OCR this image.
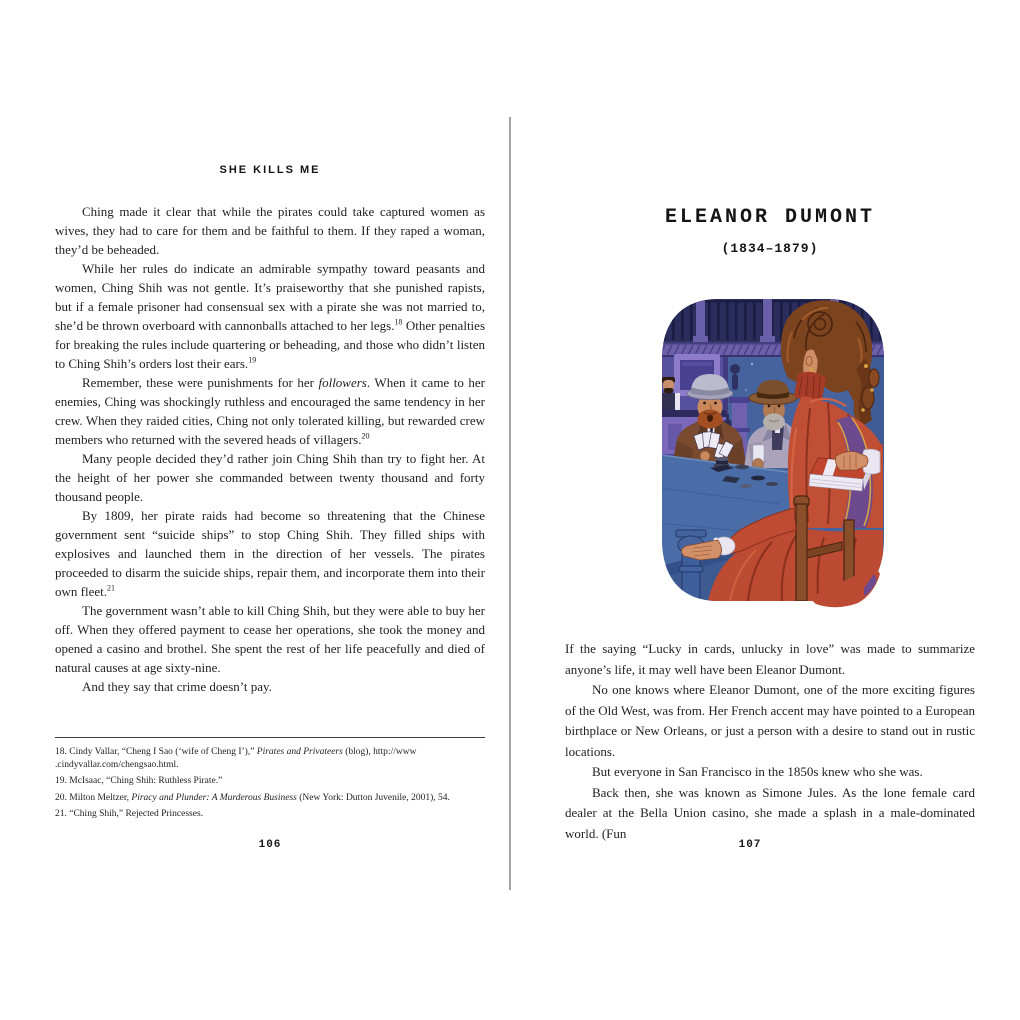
SHE KILLS ME

Ching made it clear that while the pirates could take captured women as wives, they had to care for them and be faithful to them. If they raped a woman, they’d be beheaded.

While her rules do indicate an admirable sympathy toward peasants and women, Ching Shih was not gentle. It’s praiseworthy that she punished rapists, but if a female prisoner had consensual sex with a pirate she was not married to, she’d be thrown overboard with cannonballs attached to her legs.$^{18}$ Other penalties for breaking the rules include quartering or beheading, and those who didn’t listen to Ching Shih’s orders lost their ears.$^{19}$

Remember, these were punishments for her followers. When it came to her enemies, Ching was shockingly ruthless and encouraged the same tendency in her crew. When they raided cities, Ching not only tolerated killing, but rewarded crew members who returned with the severed heads of villagers.$^{20}$

Many people decided they’d rather join Ching Shih than try to fight her. At the height of her power she commanded between twenty thousand and forty thousand people.

By 1809, her pirate raids had become so threatening that the Chinese government sent “suicide ships” to stop Ching Shih. They filled ships with explosives and launched them in the direction of her vessels. The pirates proceeded to disarm the suicide ships, repair them, and incorporate them into their own fleet.$^{21}$

The government wasn’t able to kill Ching Shih, but they were able to buy her off. When they offered payment to cease her operations, she took the money and opened a casino and brothel. She spent the rest of her life peacefully and died of natural causes at age sixty-nine.

And they say that crime doesn’t pay.

18. Cindy Vallar, “Cheng I Sao (‘wife of Cheng I’),” Pirates and Privateers (blog), http://www
.cindyvallar.com/chengsao.html.

19. McIsaac, “Ching Shih: Ruthless Pirate.”

20. Milton Meltzer, Piracy and Plunder: A Murderous Business (New York: Dutton Juvenile, 2001), 54.

21. “Ching Shih,” Rejected Princesses.

106
ELEANOR DUMONT
(1834–1879)

If the saying “Lucky in cards, unlucky in love” was made to summarize anyone’s life, it may well have been Eleanor Dumont.

No one knows where Eleanor Dumont, one of the more exciting figures of the Old West, was from. Her French accent may have pointed to a European birthplace or New Orleans, or just a person with a desire to stand out in rustic locations.

But everyone in San Francisco in the 1850s knew who she was.

Back then, she was known as Simone Jules. As the lone female card dealer at the Bella Union casino, she made a splash in a male-dominated world. (Fun

107
